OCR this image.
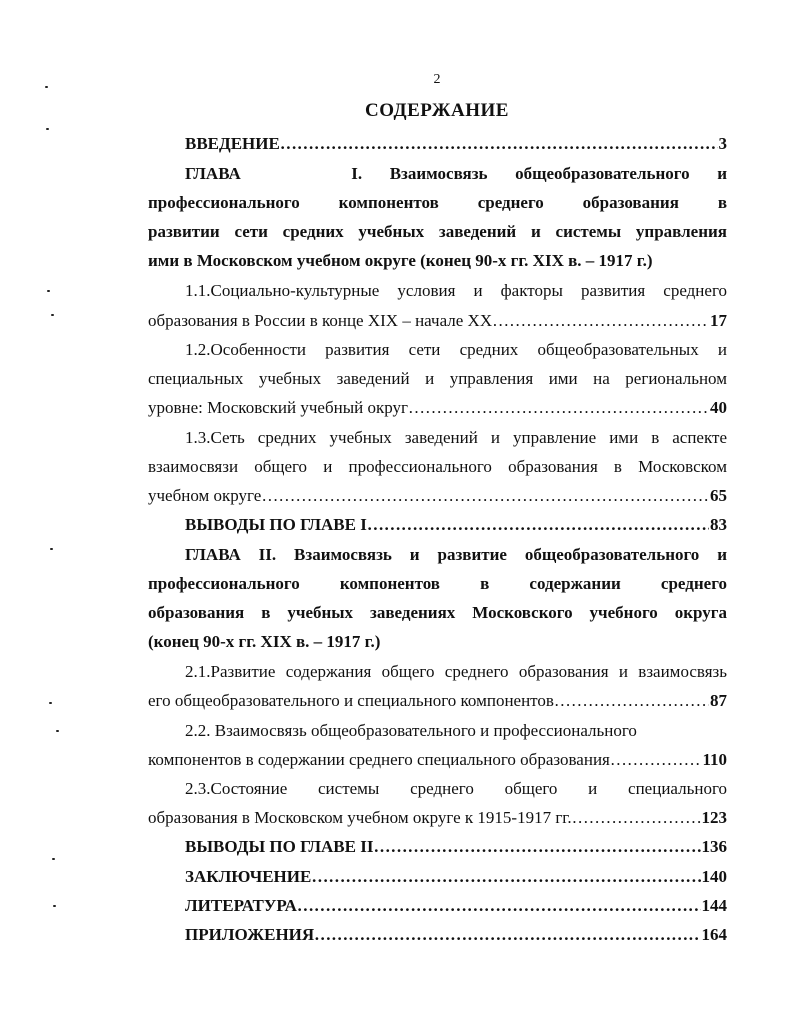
2
СОДЕРЖАНИЕ
ВВЕДЕНИЕ …………………………………………………………………………………………………………………………………	3
ГЛАВА    I. Взаимосвязь общеобразовательного и
профессионального компонентов среднего образования в
развитии сети средних учебных заведений и системы управления
ими в Московском учебном округе (конец 90-х гг. XIX в. – 1917 г.)
1.1.Социально-культурные условия и факторы развития среднего
образования в России в конце XIX – начале XX …………………………………………………………………………………………………………………………………	17
1.2.Особенности развития сети средних общеобразовательных и
специальных учебных заведений и управления ими на региональном
уровне: Московский учебный округ …………………………………………………………………………………………………………………………………	40
1.3.Сеть средних учебных заведений и управление ими в аспекте
взаимосвязи общего и профессионального образования в Московском
учебном округе …………………………………………………………………………………………………………………………………	65
ВЫВОДЫ ПО ГЛАВЕ I …………………………………………………………………………………………………………………………………	83
ГЛАВА II. Взаимосвязь и развитие общеобразовательного и
профессионального компонентов в содержании среднего
образования в учебных заведениях Московского учебного округа
(конец 90-х гг. XIX в. – 1917 г.)
2.1.Развитие содержания общего среднего образования и взаимосвязь
его общеобразовательного и специального компонентов …………………………………………………………………………………………………………………………………	87
2.2. Взаимосвязь общеобразовательного и профессионального
компонентов в содержании среднего специального образования …………………………………………………………………………………………………………………………………	110
2.3.Состояние системы среднего общего и специального
образования в Московском учебном округе к 1915-1917 гг. …………………………………………………………………………………………………………………………………	123
ВЫВОДЫ ПО ГЛАВЕ II …………………………………………………………………………………………………………………………………	136
ЗАКЛЮЧЕНИЕ …………………………………………………………………………………………………………………………………	140
ЛИТЕРАТУРА …………………………………………………………………………………………………………………………………	144
ПРИЛОЖЕНИЯ …………………………………………………………………………………………………………………………………	164
